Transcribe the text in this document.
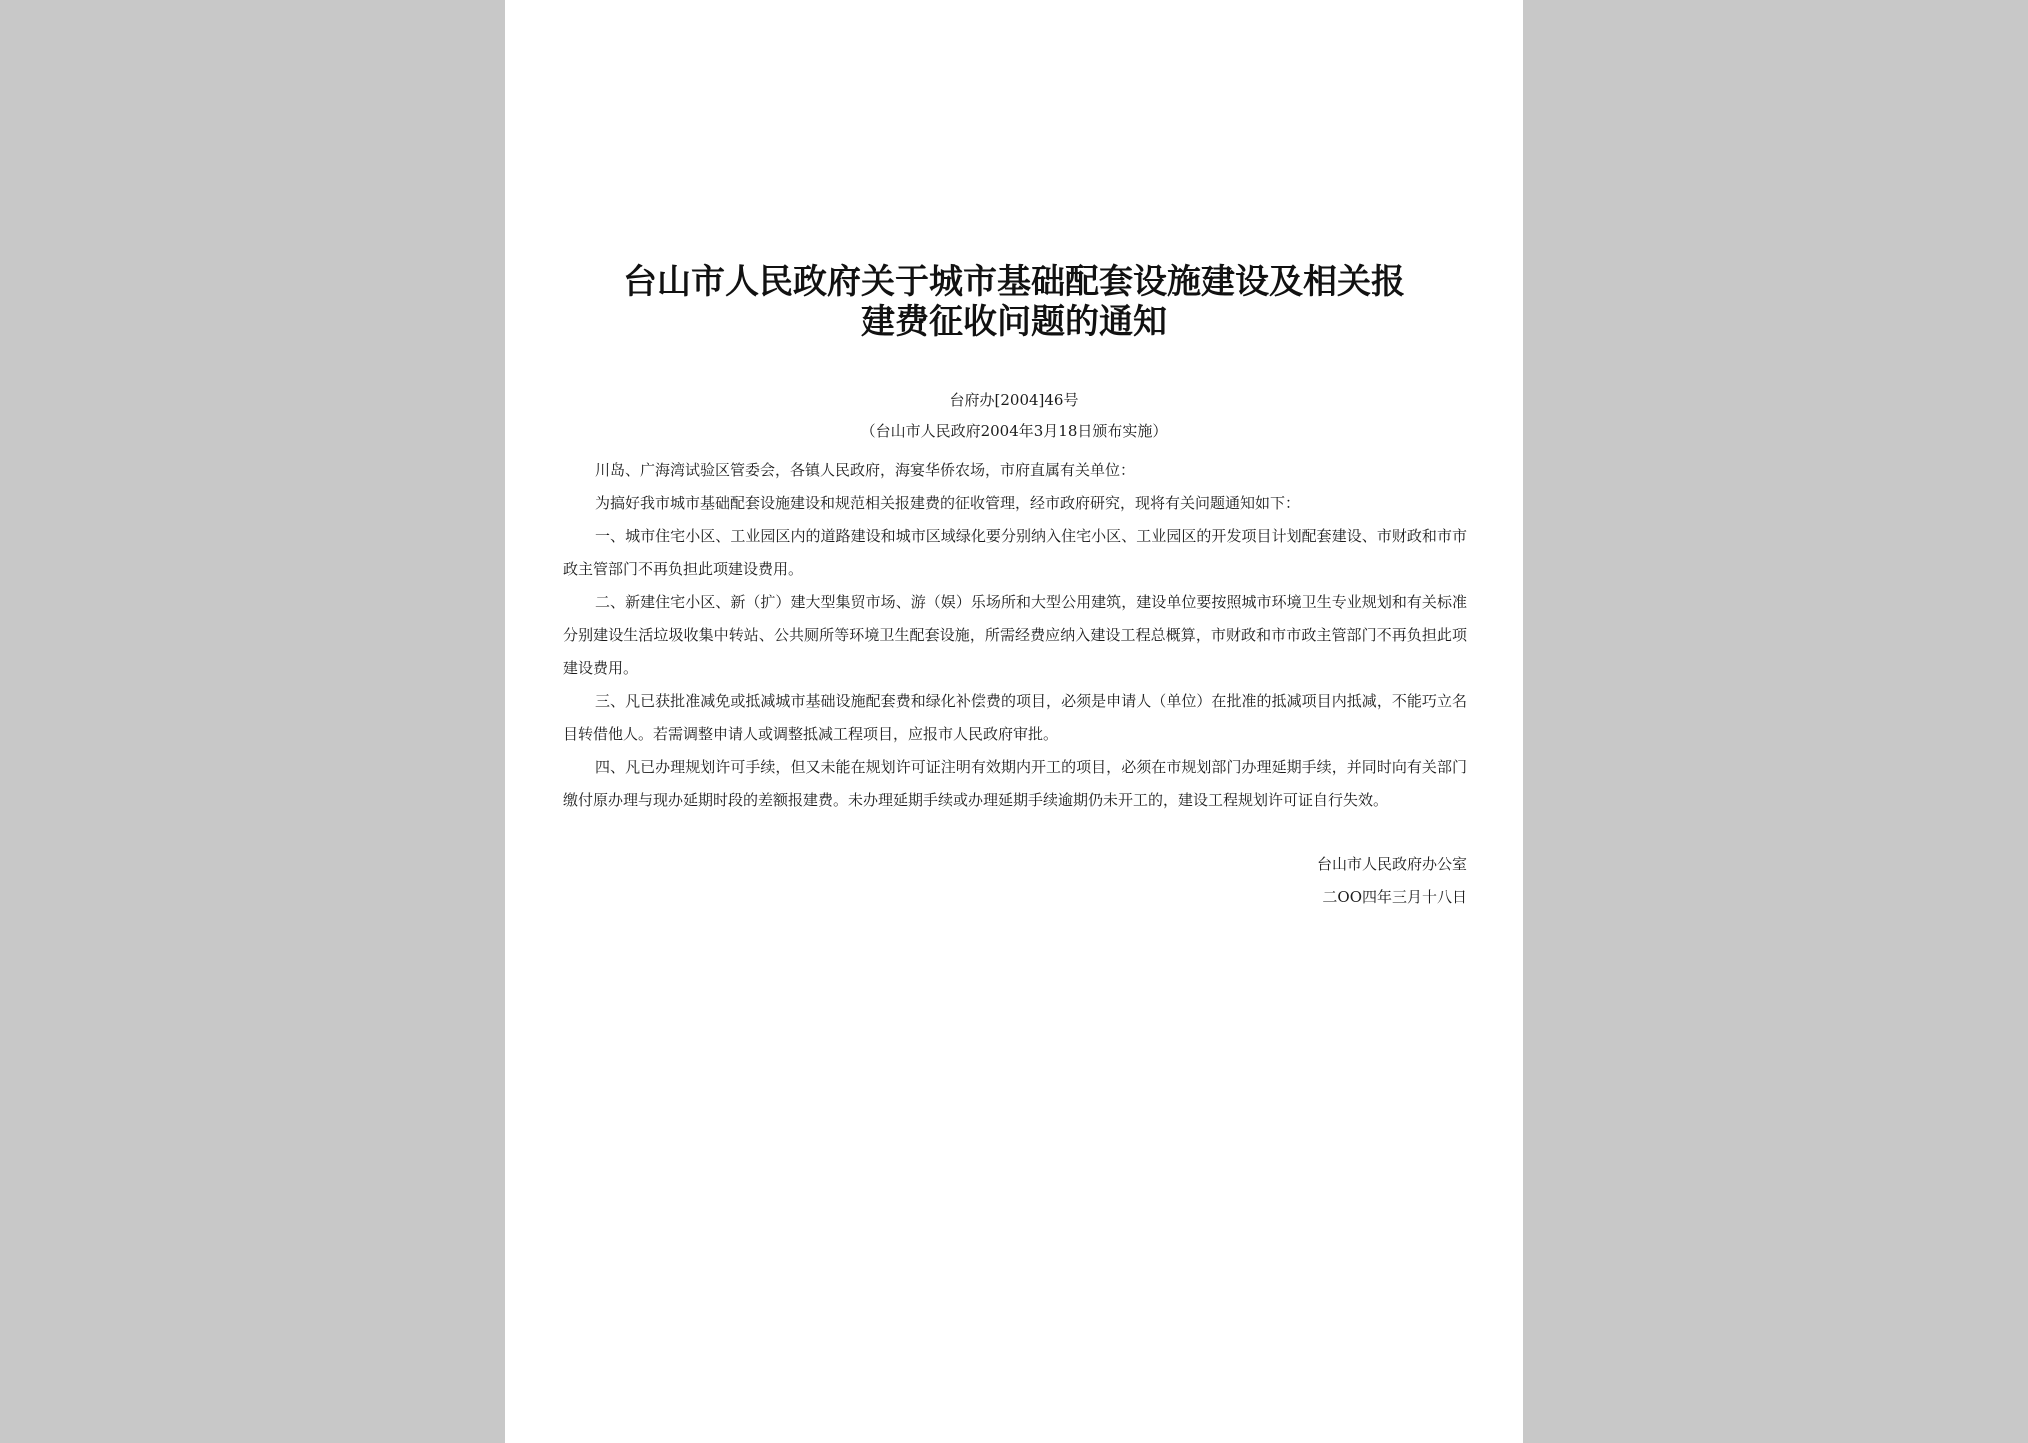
台山市人民政府关于城市基础配套设施建设及相关报
建费征收问题的通知
台府办[2004]46号
（台山市人民政府2004年3月18日颁布实施）

川岛、广海湾试验区管委会，各镇人民政府，海宴华侨农场，市府直属有关单位：

为搞好我市城市基础配套设施建设和规范相关报建费的征收管理，经市政府研究，现将有关问题通知如下：

一、城市住宅小区、工业园区内的道路建设和城市区域绿化要分别纳入住宅小区、工业园区的开发项目计划配套建设、市财政和市市政主管部门不再负担此项建设费用。

二、新建住宅小区、新（扩）建大型集贸市场、游（娱）乐场所和大型公用建筑，建设单位要按照城市环境卫生专业规划和有关标准分别建设生活垃圾收集中转站、公共厕所等环境卫生配套设施，所需经费应纳入建设工程总概算，市财政和市市政主管部门不再负担此项建设费用。

三、凡已获批准减免或抵减城市基础设施配套费和绿化补偿费的项目，必须是申请人（单位）在批准的抵减项目内抵减，不能巧立名目转借他人。若需调整申请人或调整抵减工程项目，应报市人民政府审批。

四、凡已办理规划许可手续，但又未能在规划许可证注明有效期内开工的项目，必须在市规划部门办理延期手续，并同时向有关部门缴付原办理与现办延期时段的差额报建费。未办理延期手续或办理延期手续逾期仍未开工的，建设工程规划许可证自行失效。

台山市人民政府办公室
二OO四年三月十八日
